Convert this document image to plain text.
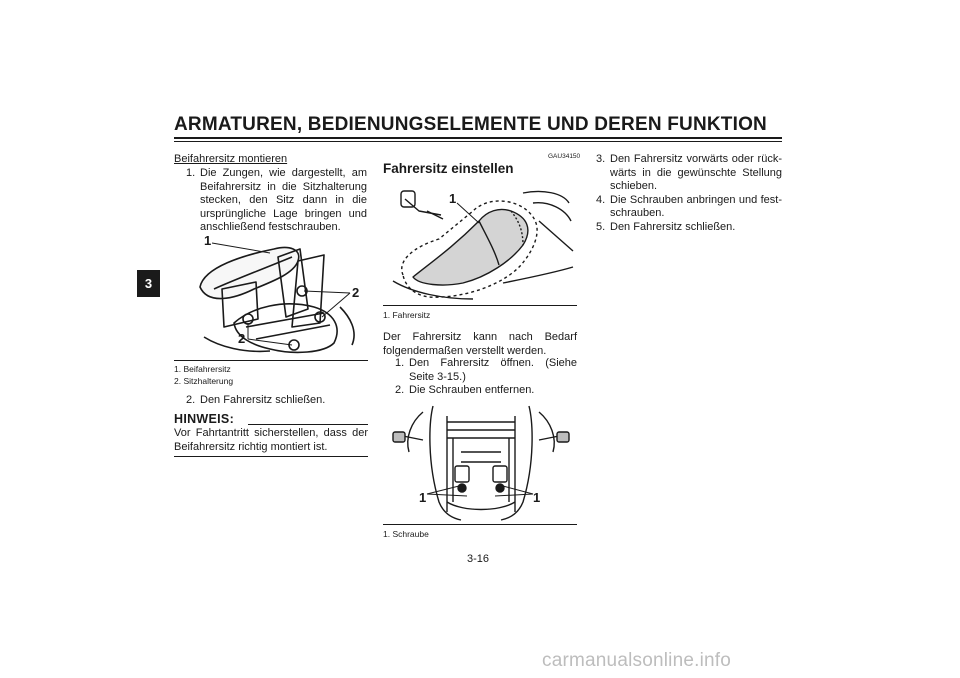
ARMATUREN, BEDIENUNGSELEMENTE UND DEREN FUNKTION
3
Beifahrersitz montieren
1. Die Zungen, wie dargestellt, am Beifahrersitz in die Sitzhalterung stecken, den Sitz dann in die ursprüngliche Lage bringen und anschließend festschrauben.
1
2
2
1. Beifahrersitz
2. Sitzhalterung
2. Den Fahrersitz schließen.
HINWEIS:
Vor Fahrtantritt sicherstellen, dass der Beifahrersitz richtig montiert ist.
GAU34150
Fahrersitz einstellen
1
1. Fahrersitz
Der Fahrersitz kann nach Bedarf folgendermaßen verstellt werden.
1. Den Fahrersitz öffnen. (Siehe Seite 3-15.)
2. Die Schrauben entfernen.
1	1
1. Schraube
3. Den Fahrersitz vorwärts oder rückwärts in die gewünschte Stellung schieben.
4. Die Schrauben anbringen und festschrauben.
5. Den Fahrersitz schließen.
3-16
carmanualsonline.info
